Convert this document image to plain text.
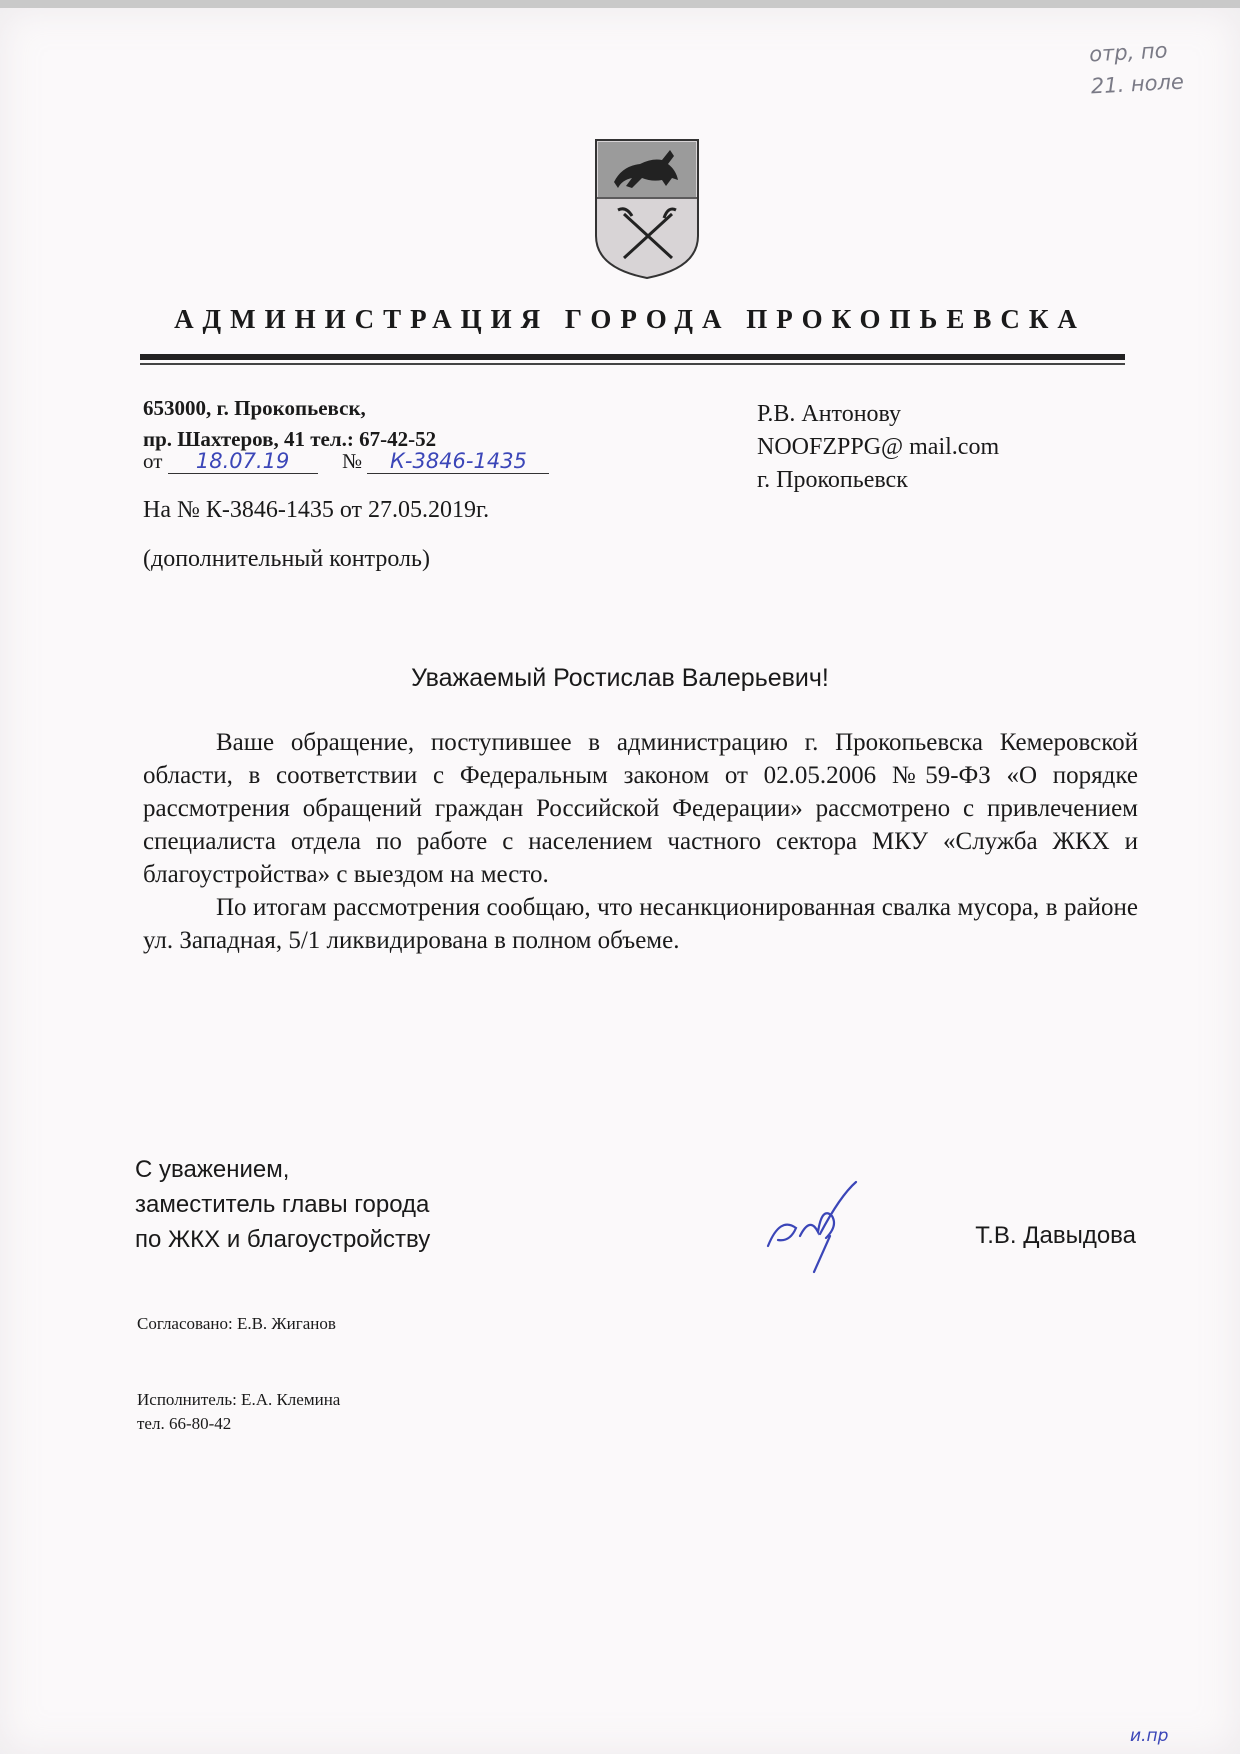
отр, по
21. ноле
АДМИНИСТРАЦИЯ ГОРОДА ПРОКОПЬЕВСКА
653000, г. Прокопьевск,
пр. Шахтеров, 41 тел.: 67-42-52
от 18.07.19	№ К-3846-1435
На № К-3846-1435 от 27.05.2019г.
(дополнительный контроль)
Р.В. Антонову
NOOFZPPG@ mail.com
г. Прокопьевск
Уважаемый Ростислав Валерьевич!

Ваше обращение, поступившее в администрацию г. Прокопьевска Кемеровской области, в соответствии с Федеральным законом от 02.05.2006 №59-ФЗ «О порядке рассмотрения обращений граждан Российской Федерации» рассмотрено с привлечением специалиста отдела по работе с населением частного сектора МКУ «Служба ЖКХ и благоустройства» с выездом на место.

По итогам рассмотрения сообщаю, что несанкционированная свалка мусора, в районе ул. Западная, 5/1 ликвидирована в полном объеме.

С уважением,
заместитель главы города
по ЖКХ и благоустройству	Т.В. Давыдова
Согласовано: Е.В. Жиганов
Исполнитель: Е.А. Клемина
тел. 66-80-42
и.пр
